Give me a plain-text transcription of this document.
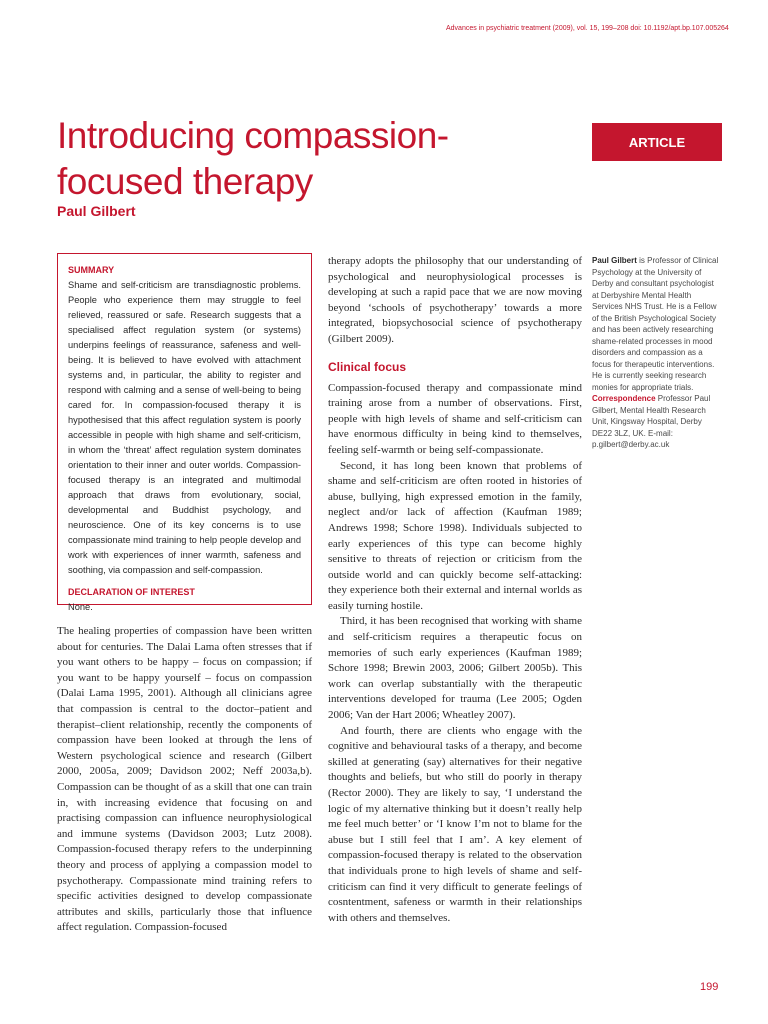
Advances in psychiatric treatment (2009), vol. 15, 199–208 doi: 10.1192/apt.bp.107.005264
Introducing compassion-focused therapy
Paul Gilbert
ARTICLE
SUMMARY
Shame and self-criticism are transdiagnostic problems. People who experience them may struggle to feel relieved, reassured or safe. Research suggests that a specialised affect regulation system (or systems) underpins feelings of reassurance, safeness and well-being. It is believed to have evolved with attachment systems and, in particular, the ability to register and respond with calming and a sense of well-being to being cared for. In compassion-focused therapy it is hypothesised that this affect regulation system is poorly accessible in people with high shame and self-criticism, in whom the ‘threat’ affect regulation system dominates orientation to their inner and outer worlds. Compassion-focused therapy is an integrated and multimodal approach that draws from evolutionary, social, developmental and Buddhist psychology, and neuroscience. One of its key concerns is to use compassionate mind training to help people develop and work with experiences of inner warmth, safeness and soothing, via compassion and self-compassion.
DECLARATION OF INTEREST
None.

The healing properties of compassion have been written about for centuries. The Dalai Lama often stresses that if you want others to be happy – focus on compassion; if you want to be happy yourself – focus on compassion (Dalai Lama 1995, 2001). Although all clinicians agree that compassion is central to the doctor–patient and therapist–client relationship, recently the components of compassion have been looked at through the lens of Western psychological science and research (Gilbert 2000, 2005a, 2009; Davidson 2002; Neff 2003a,b). Compassion can be thought of as a skill that one can train in, with increasing evidence that focusing on and practising compassion can influence neurophysiological and immune systems (Davidson 2003; Lutz 2008). Compassion-focused therapy refers to the underpinning theory and process of applying a compassion model to psychotherapy. Compassionate mind training refers to specific activities designed to develop compassionate attributes and skills, particularly those that influence affect regulation. Compassion-focused

therapy adopts the philosophy that our understanding of psychological and neurophysiological processes is developing at such a rapid pace that we are now moving beyond ‘schools of psychotherapy’ towards a more integrated, biopsychosocial science of psychotherapy (Gilbert 2009).

Clinical focus

Compassion-focused therapy and compassionate mind training arose from a number of observations. First, people with high levels of shame and self-criticism can have enormous difficulty in being kind to themselves, feeling self-warmth or being self-compassionate.

Second, it has long been known that problems of shame and self-criticism are often rooted in histories of abuse, bullying, high expressed emotion in the family, neglect and/or lack of affection (Kaufman 1989; Andrews 1998; Schore 1998). Individuals subjected to early experiences of this type can become highly sensitive to threats of rejection or criticism from the outside world and can quickly become self-attacking: they experience both their external and internal worlds as easily turning hostile.

Third, it has been recognised that working with shame and self-criticism requires a therapeutic focus on memories of such early experiences (Kaufman 1989; Schore 1998; Brewin 2003, 2006; Gilbert 2005b). This work can overlap substantially with the therapeutic interventions developed for trauma (Lee 2005; Ogden 2006; Van der Hart 2006; Wheatley 2007).

And fourth, there are clients who engage with the cognitive and behavioural tasks of a therapy, and become skilled at generating (say) alternatives for their negative thoughts and beliefs, but who still do poorly in therapy (Rector 2000). They are likely to say, ‘I understand the logic of my alternative thinking but it doesn’t really help me feel much better’ or ‘I know I’m not to blame for the abuse but I still feel that I am’. A key element of compassion-focused therapy is related to the observation that individuals prone to high levels of shame and self-criticism can find it very difficult to generate feelings of cosntentment, safeness or warmth in their relationships with others and themselves.

Paul Gilbert is Professor of Clinical Psychology at the University of Derby and consultant psychologist at Derbyshire Mental Health Services NHS Trust. He is a Fellow of the British Psychological Society and has been actively researching shame-related processes in mood disorders and compassion as a focus for therapeutic interventions. He is currently seeking research monies for appropriate trials.
Correspondence Professor Paul Gilbert, Mental Health Research Unit, Kingsway Hospital, Derby DE22 3LZ, UK. E-mail: p.gilbert@derby.ac.uk
199
